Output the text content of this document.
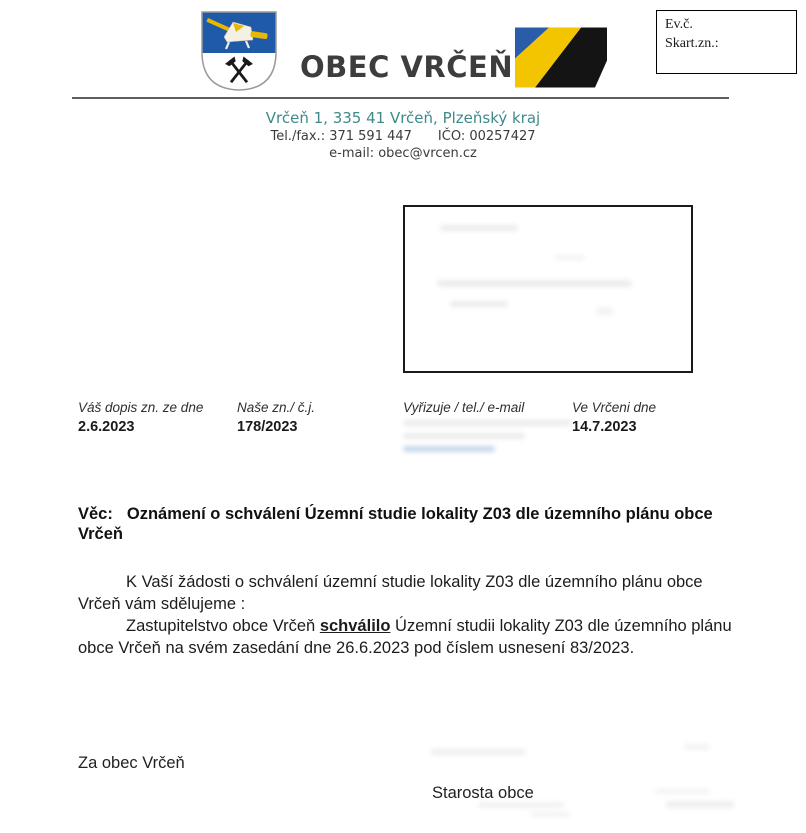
OBEC VRČEŇ
Ev.č.
Skart.zn.:

Vrčeň 1, 335 41 Vrčeň, Plzeňský kraj

Tel./fax.: 371 591 447 IČO: 00257427

e-mail: obec@vrcen.cz

Váš dopis zn. ze dne
2.6.2023
Naše zn./ č.j.
178/2023
Vyřizuje / tel./ e-mail	Ve Vrčeni dne
14.7.2023

Věc: Oznámení o schválení Územní studie lokality Z03 dle územního plánu obce Vrčeň

K Vaší žádosti o schválení územní studie lokality Z03 dle územního plánu obce Vrčeň vám sdělujeme :

Zastupitelstvo obce Vrčeň schválilo Územní studii lokality Z03 dle územního plánu obce Vrčeň na svém zasedání dne 26.6.2023 pod číslem usnesení 83/2023.

Za obec Vrčeň
Starosta obce
